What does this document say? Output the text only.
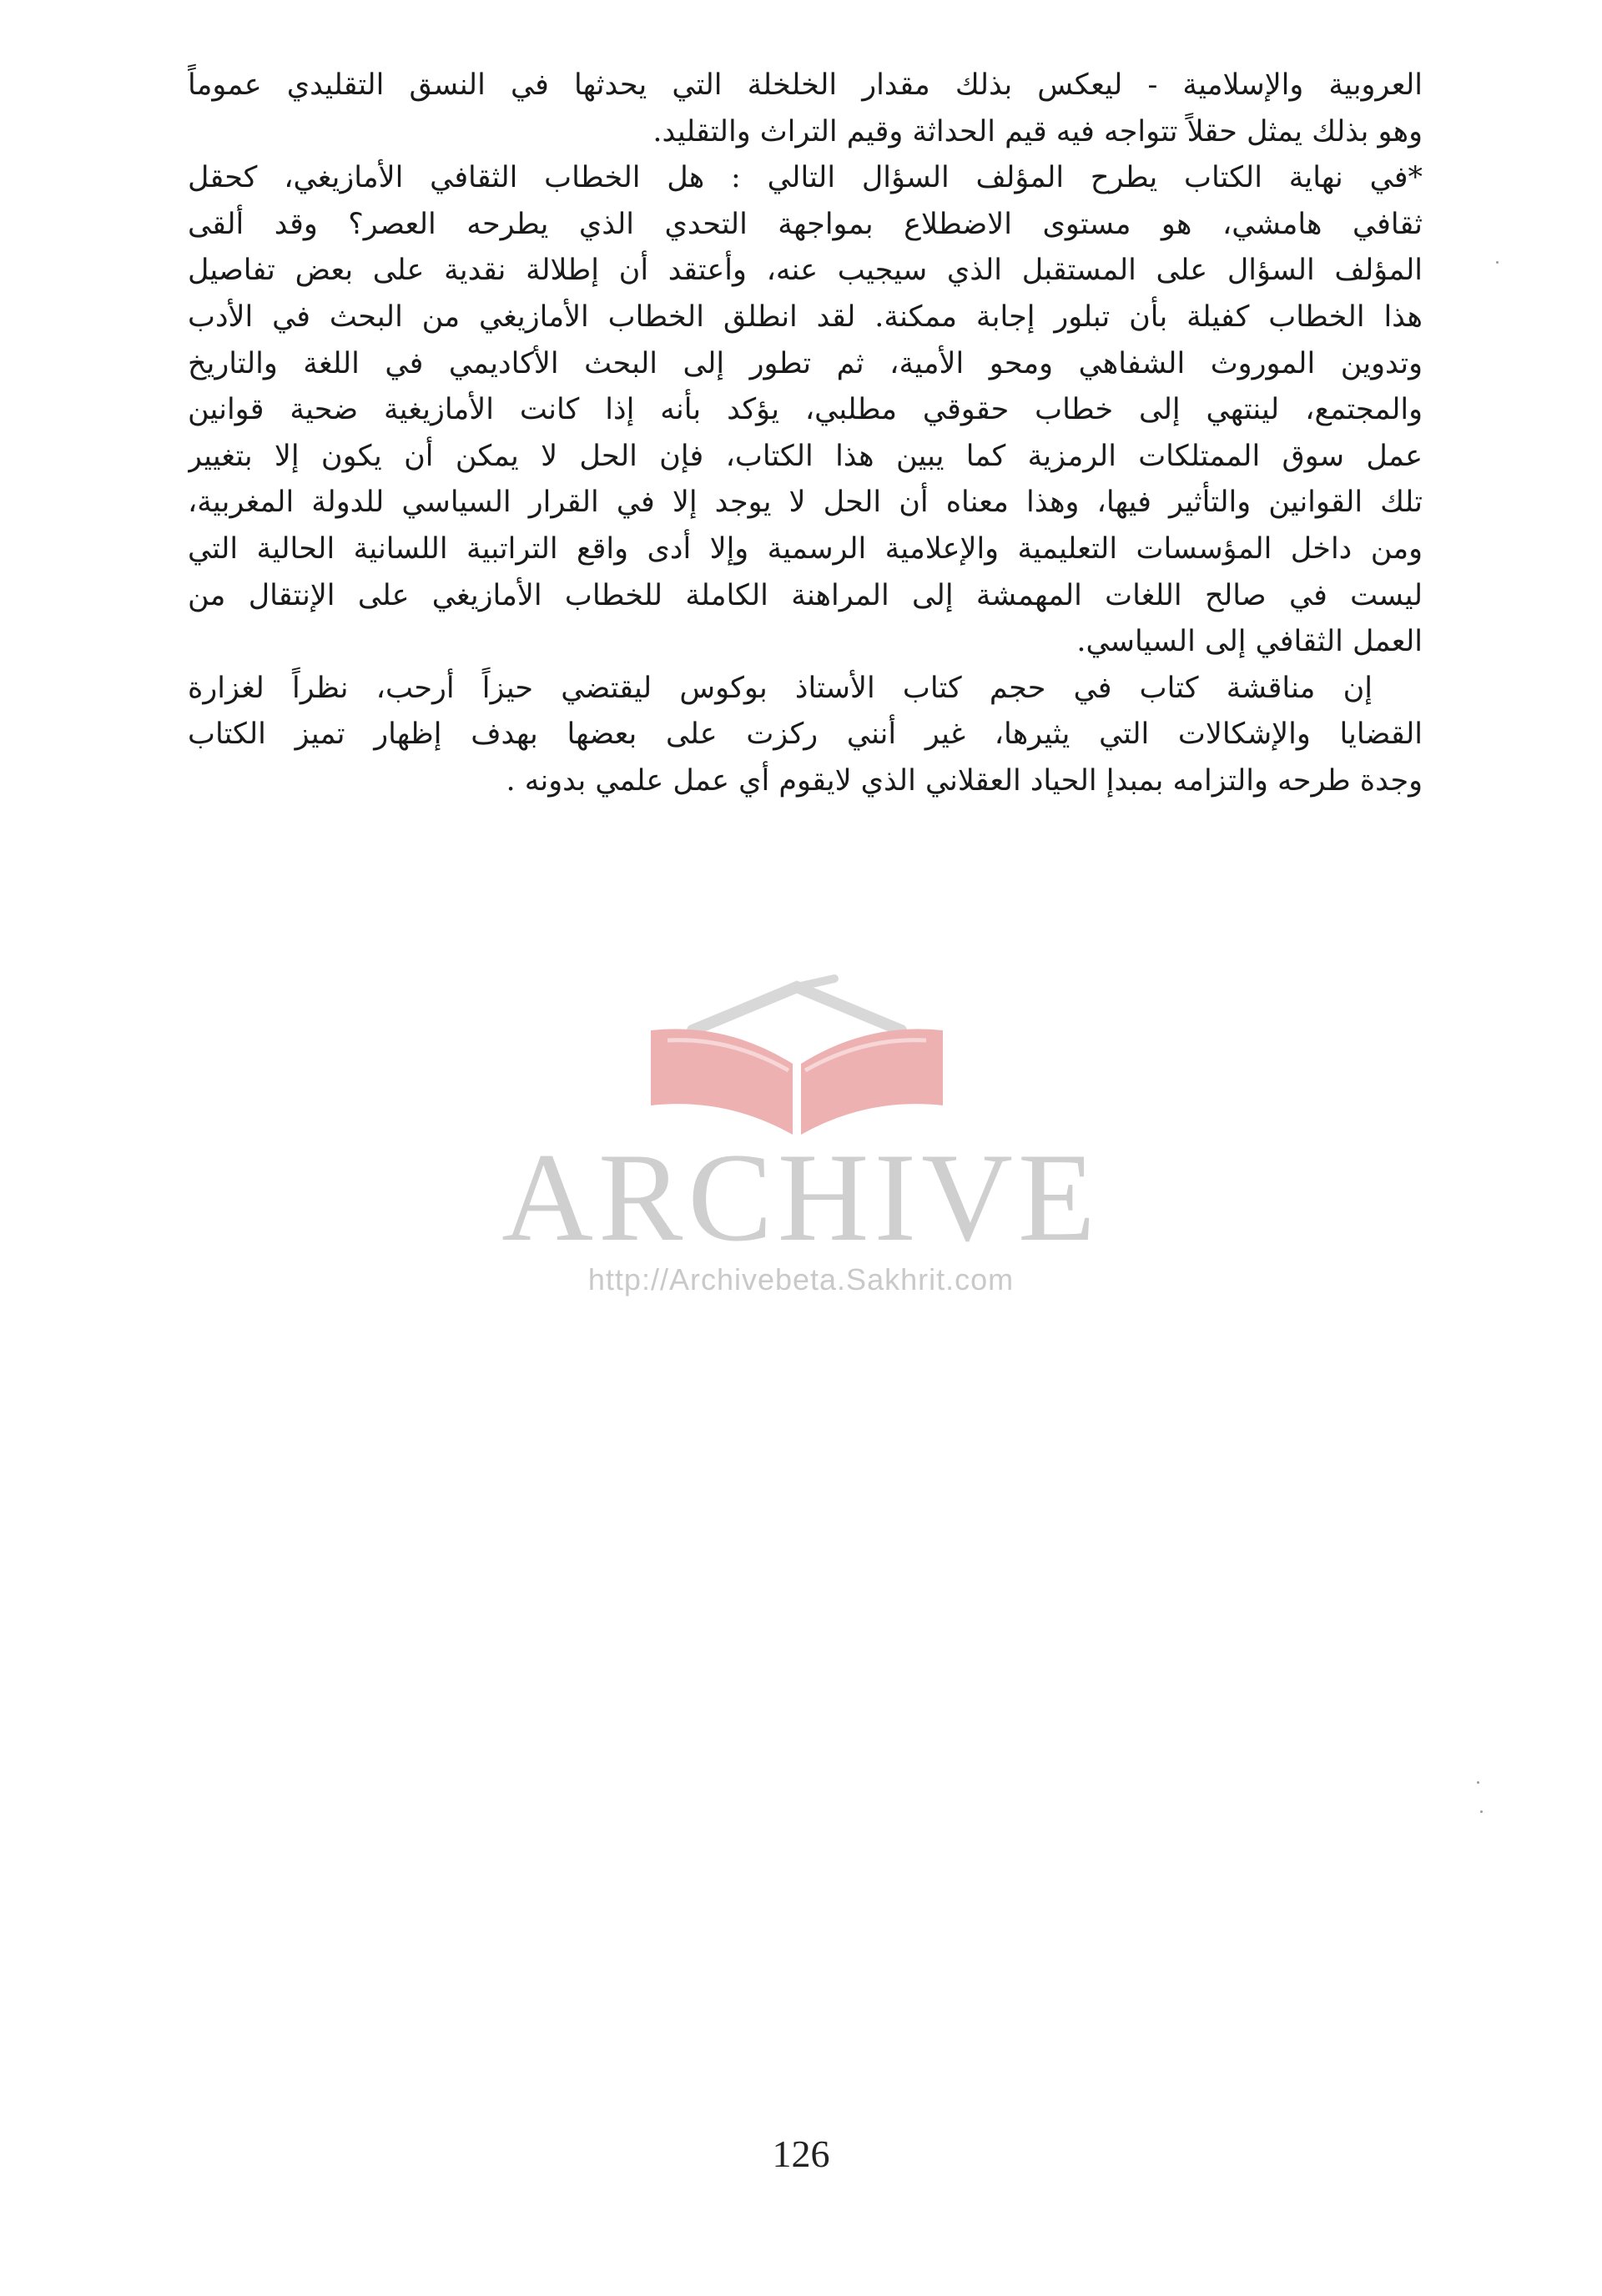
العروبية والإسلامية - ليعكس بذلك مقدار الخلخلة التي يحدثها في النسق التقليدي عموماً
وهو بذلك يمثل حقلاً تتواجه فيه قيم الحداثة وقيم التراث والتقليد.
*في نهاية الكتاب يطرح المؤلف السؤال التالي : هل الخطاب الثقافي الأمازيغي، كحقل
ثقافي هامشي، هو مستوى الاضطلاع بمواجهة التحدي الذي يطرحه العصر؟ وقد ألقى
المؤلف السؤال على المستقبل الذي سيجيب عنه، وأعتقد أن إطلالة نقدية على بعض تفاصيل
هذا الخطاب كفيلة بأن تبلور إجابة ممكنة. لقد انطلق الخطاب الأمازيغي من البحث في الأدب
وتدوين الموروث الشفاهي ومحو الأمية، ثم تطور إلى البحث الأكاديمي في اللغة والتاريخ
والمجتمع، لينتهي إلى خطاب حقوقي مطلبي، يؤكد بأنه إذا كانت الأمازيغية ضحية قوانين
عمل سوق الممتلكات الرمزية كما يبين هذا الكتاب، فإن الحل لا يمكن أن يكون إلا بتغيير
تلك القوانين والتأثير فيها، وهذا معناه أن الحل لا يوجد إلا في القرار السياسي للدولة المغربية،
ومن داخل المؤسسات التعليمية والإعلامية الرسمية وإلا أدى واقع التراتبية اللسانية الحالية التي
ليست في صالح اللغات المهمشة إلى المراهنة الكاملة للخطاب الأمازيغي على الإنتقال من
العمل الثقافي إلى السياسي.
إن مناقشة كتاب في حجم كتاب الأستاذ بوكوس ليقتضي حيزاً أرحب، نظراً لغزارة
القضايا والإشكالات التي يثيرها، غير أنني ركزت على بعضها بهدف إظهار تميز الكتاب
وجدة طرحه والتزامه بمبدإ الحياد العقلاني الذي لايقوم أي عمل علمي بدونه .
ARCHIVE
http://Archivebeta.Sakhrit.com
126
